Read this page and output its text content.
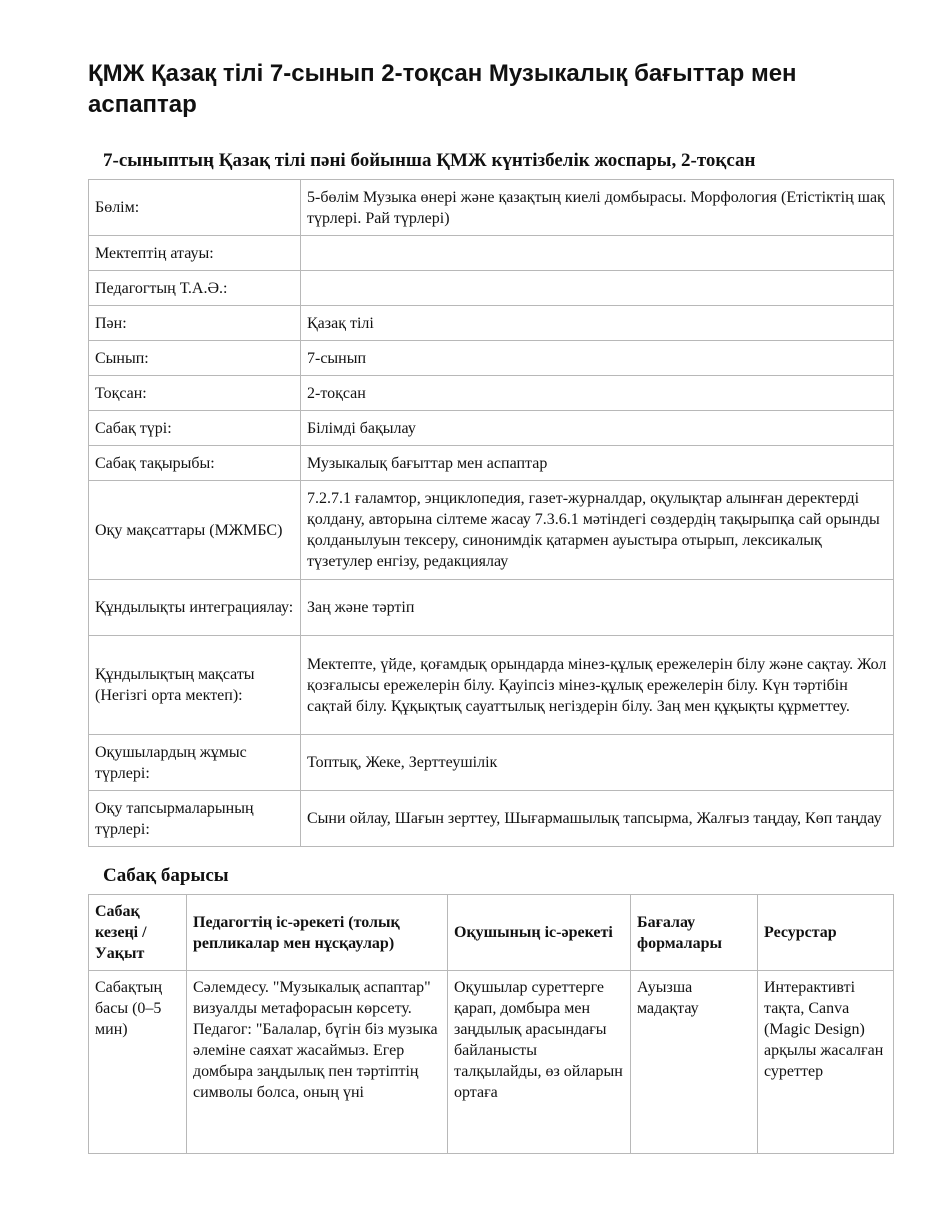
ҚМЖ Қазақ тілі 7-сынып 2-тоқсан Музыкалық бағыттар мен аспаптар
7-сыныптың Қазақ тілі пәні бойынша ҚМЖ күнтізбелік жоспары, 2-тоқсан
Бөлім:	5-бөлім Музыка өнері және қазақтың киелі домбырасы. Морфология (Етістіктің шақ түрлері. Рай түрлері)
Мектептің атауы:	
Педагогтың Т.А.Ә.:	
Пән:	Қазақ тілі
Сынып:	7-сынып
Тоқсан:	2-тоқсан
Сабақ түрі:	Білімді бақылау
Сабақ тақырыбы:	Музыкалық бағыттар мен аспаптар
Оқу мақсаттары (МЖМБС)	7.2.7.1 ғаламтор, энциклопедия, газет-журналдар, оқулықтар алынған деректерді қолдану, авторына сілтеме жасау 7.3.6.1 мәтіндегі сөздердің тақырыпқа сай орынды қолданылуын тексеру, синонимдік қатармен ауыстыра отырып, лексикалық түзетулер енгізу, редакциялау
Құндылықты интеграциялау:	Заң және тәртіп
Құндылықтың мақсаты (Негізгі орта мектеп):	Мектепте, үйде, қоғамдық орындарда мінез-құлық ережелерін білу және сақтау. Жол қозғалысы ережелерін білу. Қауіпсіз мінез-құлық ережелерін білу. Күн тәртібін сақтай білу. Құқықтық сауаттылық негіздерін білу. Заң мен құқықты құрметтеу.
Оқушылардың жұмыс түрлері:	Топтық, Жеке, Зерттеушілік
Оқу тапсырмаларының түрлері:	Сыни ойлау, Шағын зерттеу, Шығармашылық тапсырма, Жалғыз таңдау, Көп таңдау
Сабақ барысы
Сабақ кезеңі / Уақыт	Педагогтің іс-әрекеті (толық репликалар мен нұсқаулар)	Оқушының іс-әрекеті	Бағалау формалары	Ресурстар

Сабақтың басы (0–5 мин)	Сәлемдесу. "Музыкалық аспаптар" визуалды метафорасын көрсету. Педагог: "Балалар, бүгін біз музыка әлеміне саяхат жасаймыз. Егер домбыра заңдылық пен тәртіптің символы болса, оның үні	Оқушылар суреттерге қарап, домбыра мен заңдылық арасындағы байланысты талқылайды, өз ойларын ортаға	Ауызша мадақтау	Интерактивті тақта, Canva (Magic Design) арқылы жасалған суреттер
